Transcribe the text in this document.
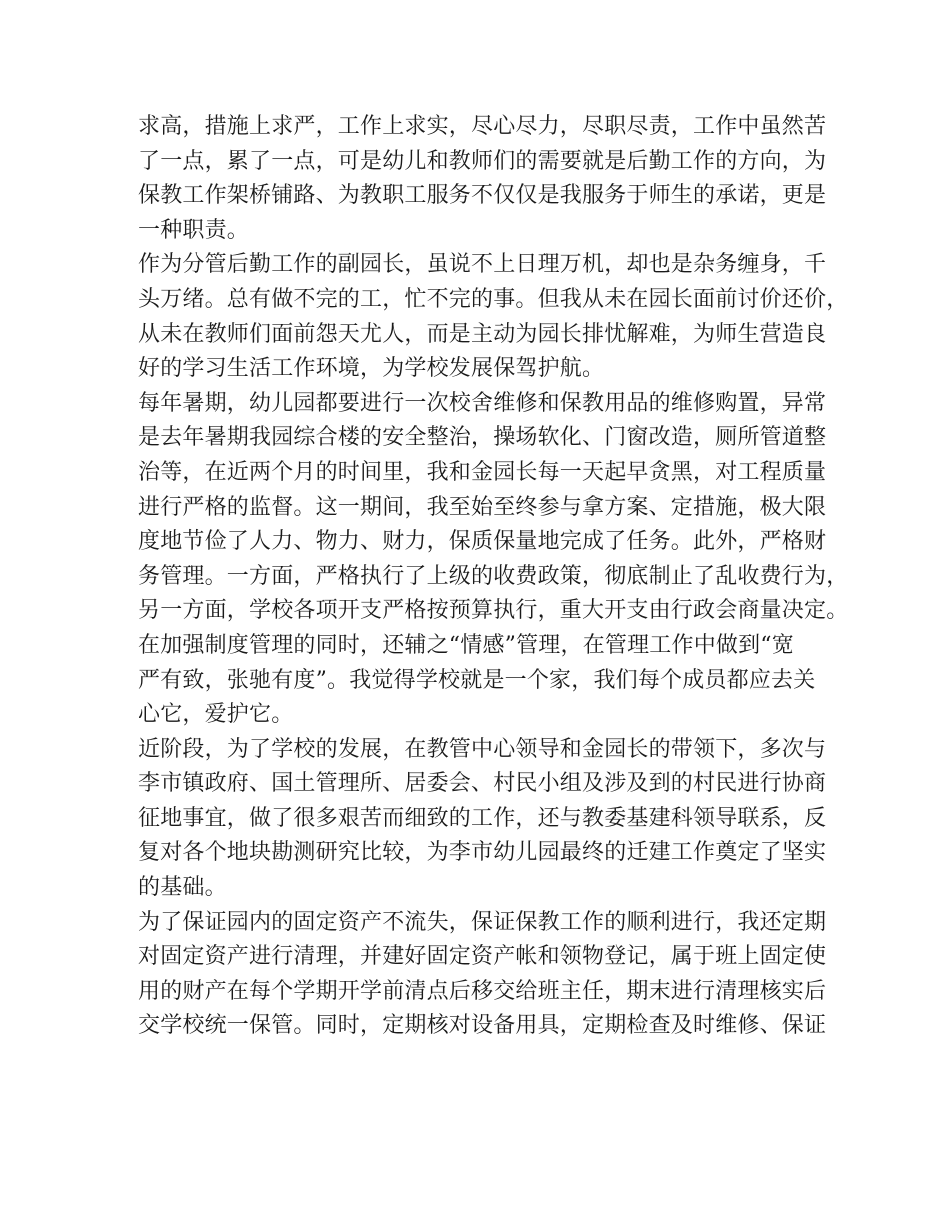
求高，措施上求严，工作上求实，尽心尽力，尽职尽责，工作中虽然苦
了一点，累了一点，可是幼儿和教师们的需要就是后勤工作的方向，为
保教工作架桥铺路、为教职工服务不仅仅是我服务于师生的承诺，更是
一种职责。
作为分管后勤工作的副园长，虽说不上日理万机，却也是杂务缠身，千
头万绪。总有做不完的工，忙不完的事。但我从未在园长面前讨价还价，
从未在教师们面前怨天尤人，而是主动为园长排忧解难，为师生营造良
好的学习生活工作环境，为学校发展保驾护航。
每年暑期，幼儿园都要进行一次校舍维修和保教用品的维修购置，异常
是去年暑期我园综合楼的安全整治，操场软化、门窗改造，厕所管道整
治等，在近两个月的时间里，我和金园长每一天起早贪黑，对工程质量
进行严格的监督。这一期间，我至始至终参与拿方案、定措施，极大限
度地节俭了人力、物力、财力，保质保量地完成了任务。此外，严格财
务管理。一方面，严格执行了上级的收费政策，彻底制止了乱收费行为，
另一方面，学校各项开支严格按预算执行，重大开支由行政会商量决定。
在加强制度管理的同时，还辅之“情感”管理，在管理工作中做到“宽
严有致，张驰有度”。我觉得学校就是一个家，我们每个成员都应去关
心它，爱护它。
近阶段，为了学校的发展，在教管中心领导和金园长的带领下，多次与
李市镇政府、国土管理所、居委会、村民小组及涉及到的村民进行协商
征地事宜，做了很多艰苦而细致的工作，还与教委基建科领导联系，反
复对各个地块勘测研究比较，为李市幼儿园最终的迁建工作奠定了坚实
的基础。
为了保证园内的固定资产不流失，保证保教工作的顺利进行，我还定期
对固定资产进行清理，并建好固定资产帐和领物登记，属于班上固定使
用的财产在每个学期开学前清点后移交给班主任，期末进行清理核实后
交学校统一保管。同时，定期核对设备用具，定期检查及时维修、保证
